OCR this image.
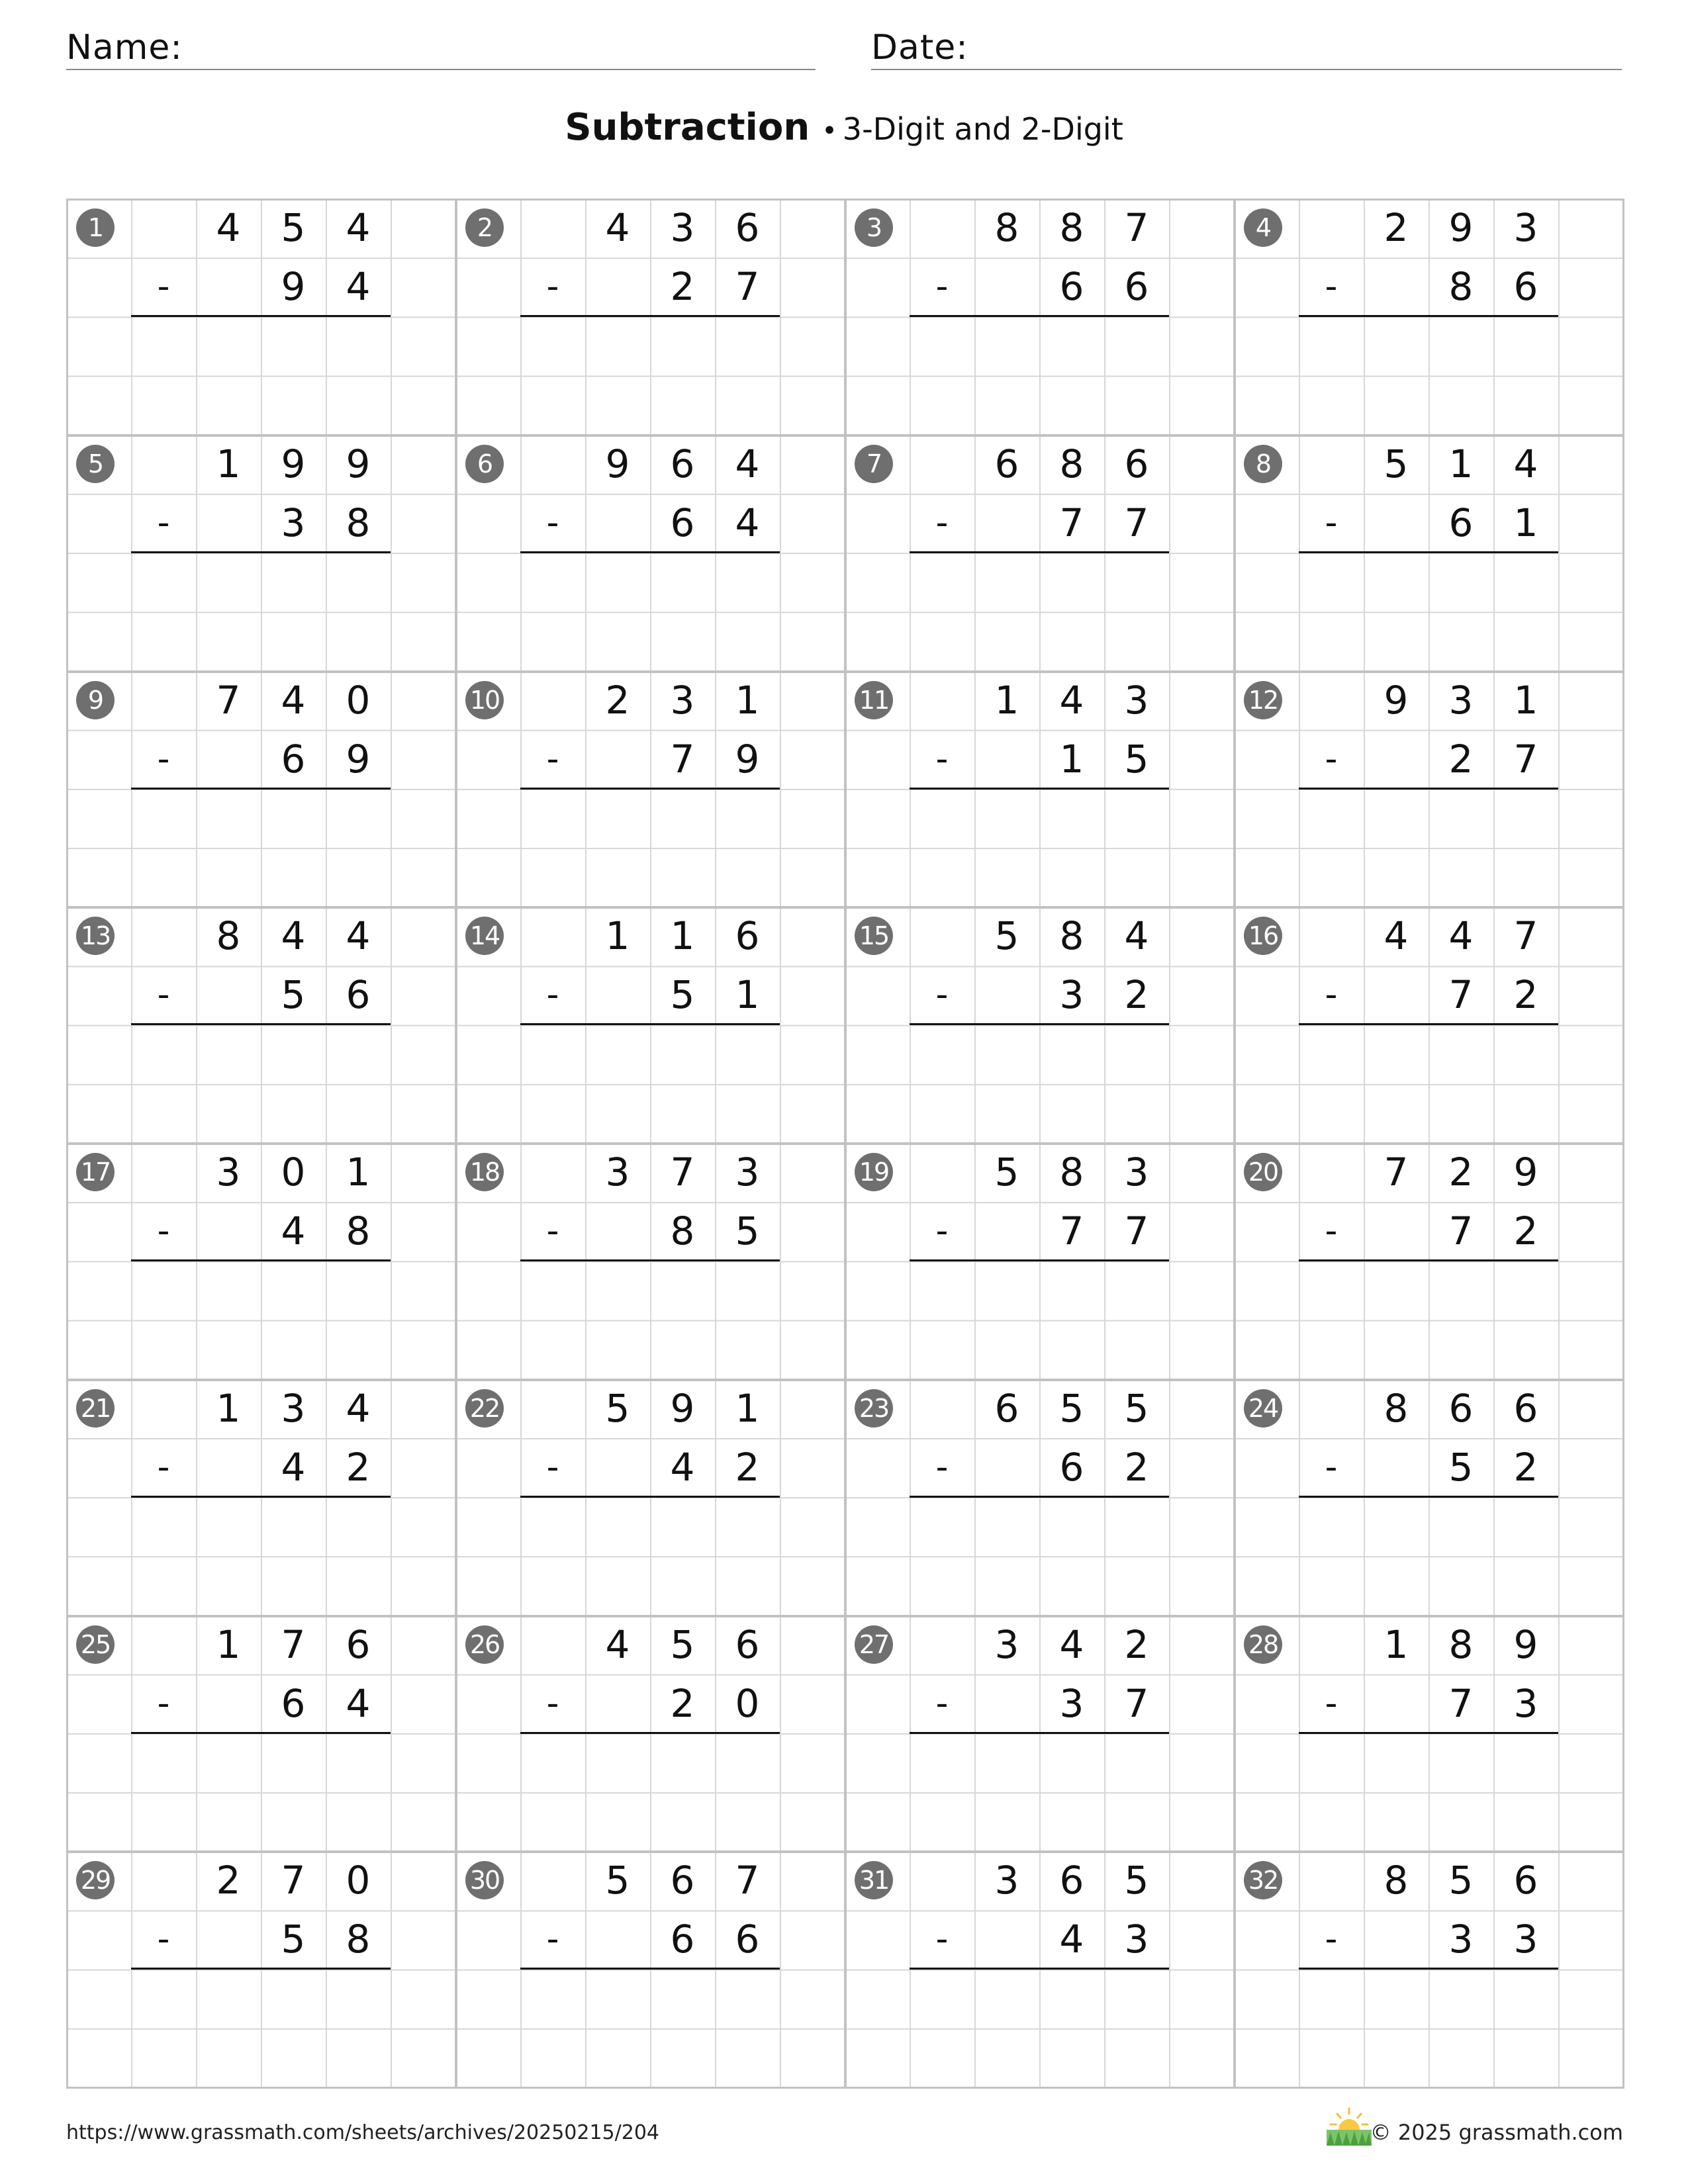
Name:	Date:
Subtraction • 3-Digit and 2-Digit
1	4	5	4
-	9	4
2	4	3	6
-	2	7
3	8	8	7
-	6	6
4	2	9	3
-	8	6
5	1	9	9
-	3	8
6	9	6	4
-	6	4
7	6	8	6
-	7	7
8	5	1	4
-	6	1
9	7	4	0
-	6	9
10	2	3	1
-	7	9
11	1	4	3
-	1	5
12	9	3	1
-	2	7
13	8	4	4
-	5	6
14	1	1	6
-	5	1
15	5	8	4
-	3	2
16	4	4	7
-	7	2
17	3	0	1
-	4	8
18	3	7	3
-	8	5
19	5	8	3
-	7	7
20	7	2	9
-	7	2
21	1	3	4
-	4	2
22	5	9	1
-	4	2
23	6	5	5
-	6	2
24	8	6	6
-	5	2
25	1	7	6
-	6	4
26	4	5	6
-	2	0
27	3	4	2
-	3	7
28	1	8	9
-	7	3
29	2	7	0
-	5	8
30	5	6	7
-	6	6
31	3	6	5
-	4	3
32	8	5	6
-	3	3
https://www.grassmath.com/sheets/archives/20250215/204	© 2025 grassmath.com
